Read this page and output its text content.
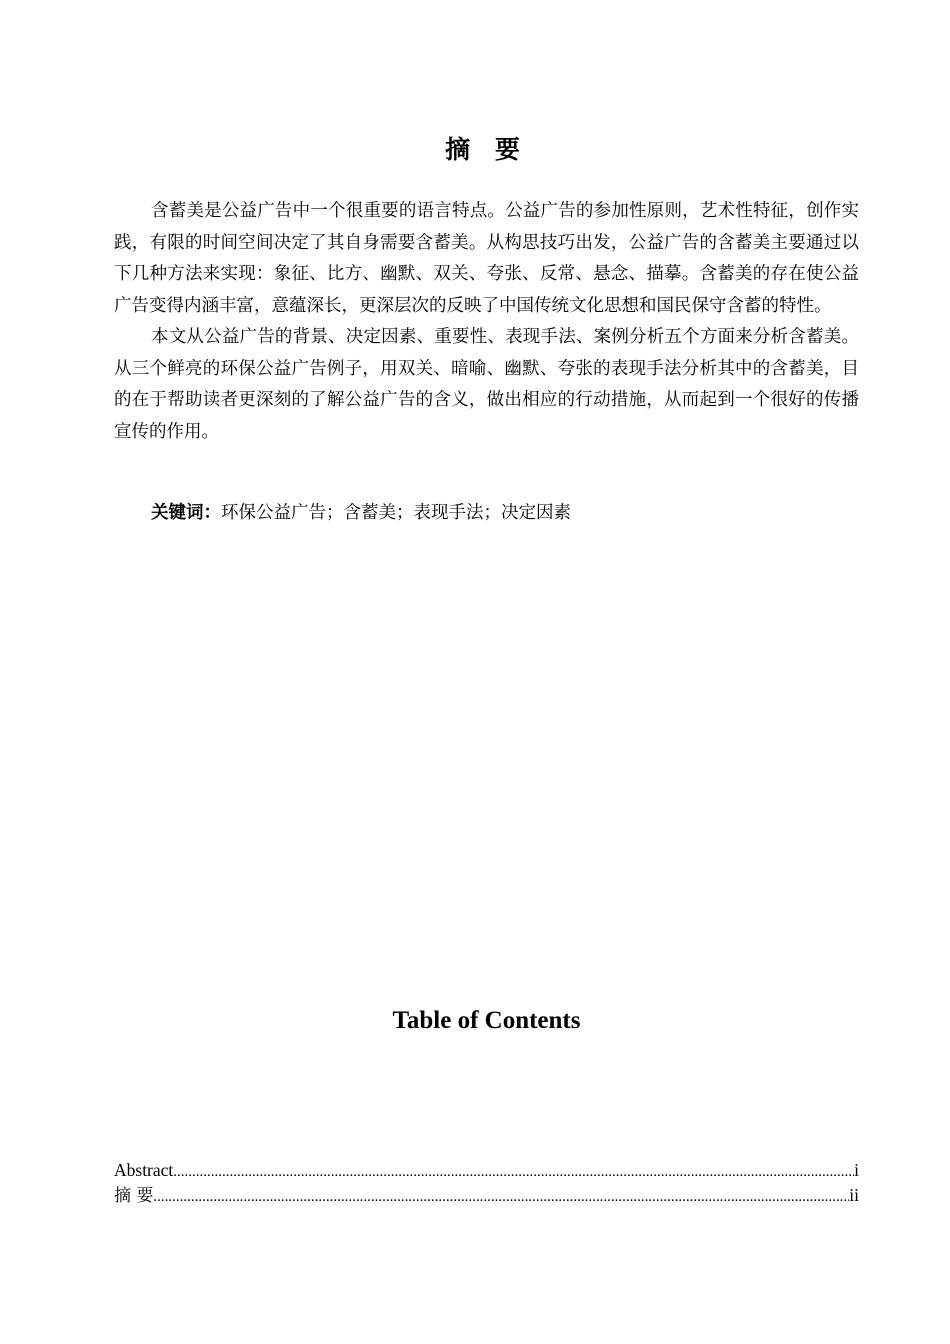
摘 要

含蓄美是公益广告中一个很重要的语言特点。公益广告的参加性原则，艺术性特征，创作实践，有限的时间空间决定了其自身需要含蓄美。从构思技巧出发，公益广告的含蓄美主要通过以下几种方法来实现：象征、比方、幽默、双关、夸张、反常、悬念、描摹。含蓄美的存在使公益广告变得内涵丰富，意蕴深长，更深层次的反映了中国传统文化思想和国民保守含蓄的特性。

本文从公益广告的背景、决定因素、重要性、表现手法、案例分析五个方面来分析含蓄美。从三个鲜亮的环保公益广告例子，用双关、暗喻、幽默、夸张的表现手法分析其中的含蓄美，目的在于帮助读者更深刻的了解公益广告的含义，做出相应的行动措施，从而起到一个很好的传播宣传的作用。

关键词：环保公益广告；含蓄美；表现手法；决定因素
Table of Contents
Abstract .....	i
摘 要 .....	ii
